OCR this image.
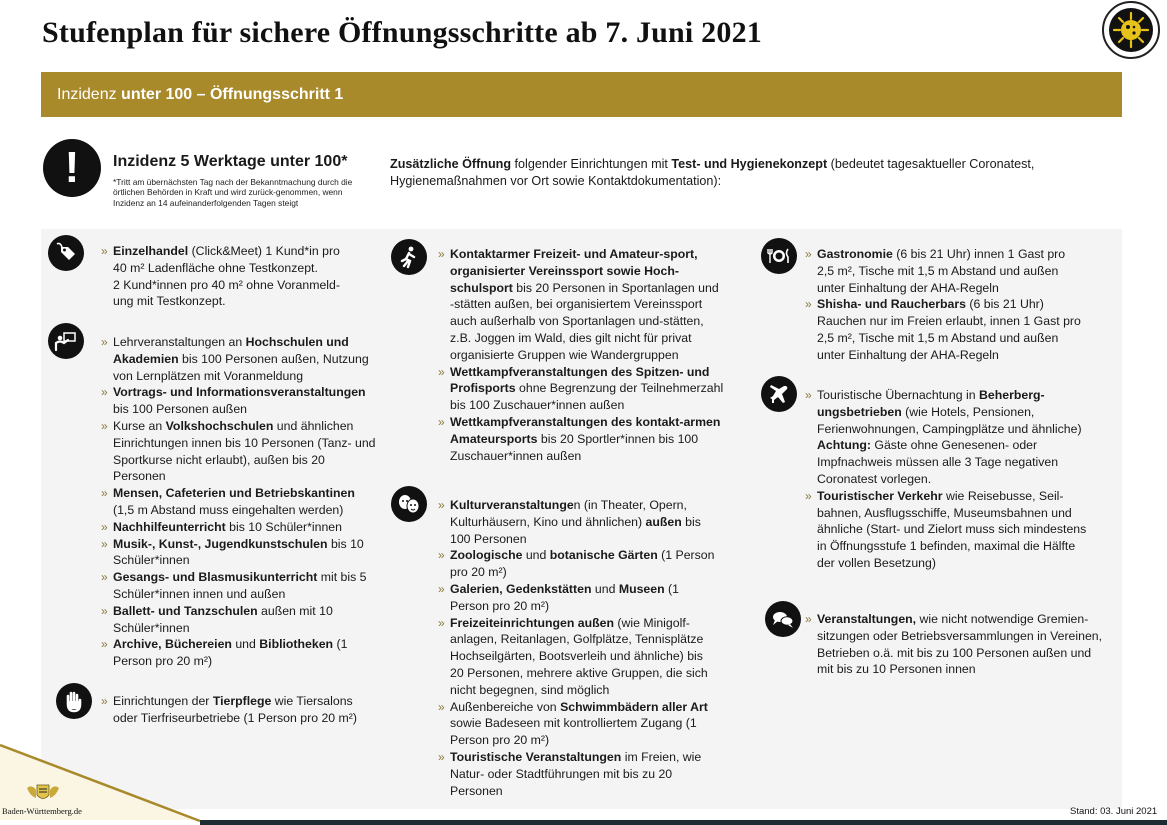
Stufenplan für sichere Öffnungsschritte ab 7. Juni 2021
Inzidenz unter 100 – Öffnungsschritt 1
!	Inzidenz 5 Werktage unter 100*
*Tritt am übernächsten Tag nach der Bekanntmachung durch die örtlichen Behörden in Kraft und wird zurück-genommen, wenn Inzidenz an 14 aufeinanderfolgenden Tagen steigt
Zusätzliche Öffnung folgender Einrichtungen mit Test- und Hygienekonzept (bedeutet tagesaktueller Coronatest, Hygienemaßnahmen vor Ort sowie Kontaktdokumentation):
» Einzelhandel (Click&Meet) 1 Kund*in pro 40 m² Ladenfläche ohne Testkonzept.
2 Kund*innen pro 40 m² ohne Voranmeld-ung mit Testkonzept.
» Lehrveranstaltungen an Hochschulen und Akademien bis 100 Personen außen, Nutzung von Lernplätzen mit Voranmeldung
» Vortrags- und Informationsveranstaltungen bis 100 Personen außen
» Kurse an Volkshochschulen und ähnlichen Einrichtungen innen bis 10 Personen (Tanz- und Sportkurse nicht erlaubt), außen bis 20 Personen
» Mensen, Cafeterien und Betriebskantinen (1,5 m Abstand muss eingehalten werden)
» Nachhilfeunterricht bis 10 Schüler*innen
» Musik-, Kunst-, Jugendkunstschulen bis 10 Schüler*innen
» Gesangs- und Blasmusikunterricht mit bis 5 Schüler*innen innen und außen
» Ballett- und Tanzschulen außen mit 10 Schüler*innen
» Archive, Büchereien und Bibliotheken (1 Person pro 20 m²)
» Einrichtungen der Tierpflege wie Tiersalons oder Tierfriseurbetriebe (1 Person pro 20 m²)
» Kontaktarmer Freizeit- und Amateur-sport, organisierter Vereinssport sowie Hoch-schulsport bis 20 Personen in Sportanlagen und -stätten außen, bei organisiertem Vereinssport auch außerhalb von Sportanlagen und-stätten, z.B. Joggen im Wald, dies gilt nicht für privat organisierte Gruppen wie Wandergruppen
» Wettkampfveranstaltungen des Spitzen- und Profisports ohne Begrenzung der Teilnehmerzahl bis 100 Zuschauer*innen außen
» Wettkampfveranstaltungen des kontakt-armen Amateursports bis 20 Sportler*innen bis 100 Zuschauer*innen außen
» Kulturveranstaltungen (in Theater, Opern, Kulturhäusern, Kino und ähnlichen) außen bis 100 Personen
» Zoologische und botanische Gärten (1 Person pro 20 m²)
» Galerien, Gedenkstätten und Museen (1 Person pro 20 m²)
» Freizeiteinrichtungen außen (wie Minigolf-anlagen, Reitanlagen, Golfplätze, Tennisplätze Hochseilgärten, Bootsverleih und ähnliche) bis 20 Personen, mehrere aktive Gruppen, die sich nicht begegnen, sind möglich
» Außenbereiche von Schwimmbädern aller Art sowie Badeseen mit kontrolliertem Zugang (1 Person pro 20 m²)
» Touristische Veranstaltungen im Freien, wie Natur- oder Stadtführungen mit bis zu 20 Personen
» Gastronomie (6 bis 21 Uhr) innen 1 Gast pro 2,5 m², Tische mit 1,5 m Abstand und außen unter Einhaltung der AHA-Regeln
» Shisha- und Raucherbars (6 bis 21 Uhr) Rauchen nur im Freien erlaubt, innen 1 Gast pro 2,5 m², Tische mit 1,5 m Abstand und außen unter Einhaltung der AHA-Regeln
» Touristische Übernachtung in Beherberg-ungsbetrieben (wie Hotels, Pensionen, Ferienwohnungen, Campingplätze und ähnliche)
Achtung: Gäste ohne Genesenen- oder Impfnachweis müssen alle 3 Tage negativen Coronatest vorlegen.
» Touristischer Verkehr wie Reisebusse, Seil-bahnen, Ausflugsschiffe, Museumsbahnen und ähnliche (Start- und Zielort muss sich mindestens in Öffnungsstufe 1 befinden, maximal die Hälfte der vollen Besetzung)
» Veranstaltungen, wie nicht notwendige Gremien-sitzungen oder Betriebsversammlungen in Vereinen, Betrieben o.ä. mit bis zu 100 Personen außen und mit bis zu 10 Personen innen
Baden-Württemberg.de	Stand: 03. Juni 2021
